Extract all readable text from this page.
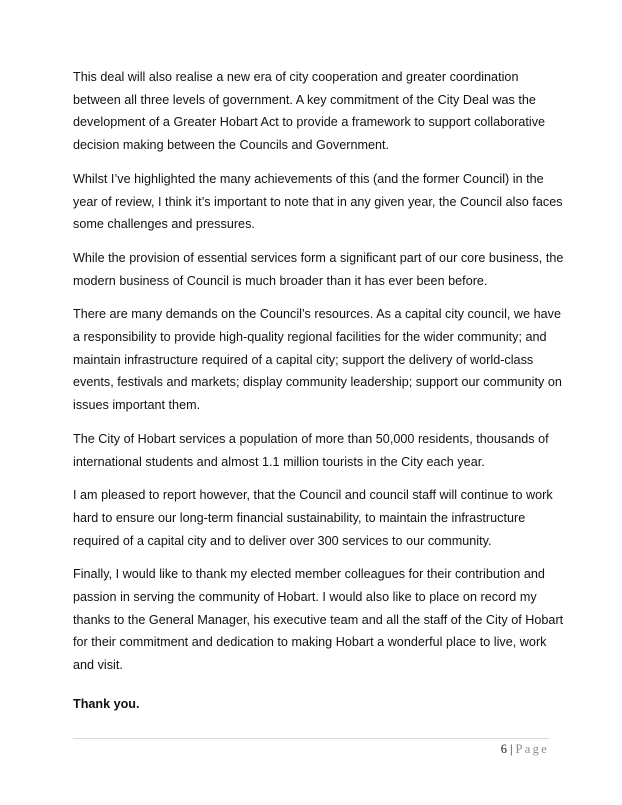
This deal will also realise a new era of city cooperation and greater coordination
between all three levels of government. A key commitment of the City Deal was the
development of a Greater Hobart Act to provide a framework to support collaborative
decision making between the Councils and Government.

Whilst I’ve highlighted the many achievements of this (and the former Council) in the
year of review, I think it’s important to note that in any given year, the Council also faces
some challenges and pressures.

While the provision of essential services form a significant part of our core business, the
modern business of Council is much broader than it has ever been before.

There are many demands on the Council’s resources. As a capital city council, we have
a responsibility to provide high-quality regional facilities for the wider community; and
maintain infrastructure required of a capital city; support the delivery of world-class
events, festivals and markets; display community leadership; support our community on
issues important them.

The City of Hobart services a population of more than 50,000 residents, thousands of
international students and almost 1.1 million tourists in the City each year.

I am pleased to report however, that the Council and council staff will continue to work
hard to ensure our long-term financial sustainability, to maintain the infrastructure
required of a capital city and to deliver over 300 services to our community.

Finally, I would like to thank my elected member colleagues for their contribution and
passion in serving the community of Hobart. I would also like to place on record my
thanks to the General Manager, his executive team and all the staff of the City of Hobart
for their commitment and dedication to making Hobart a wonderful place to live, work
and visit.

Thank you.

6 | Page
